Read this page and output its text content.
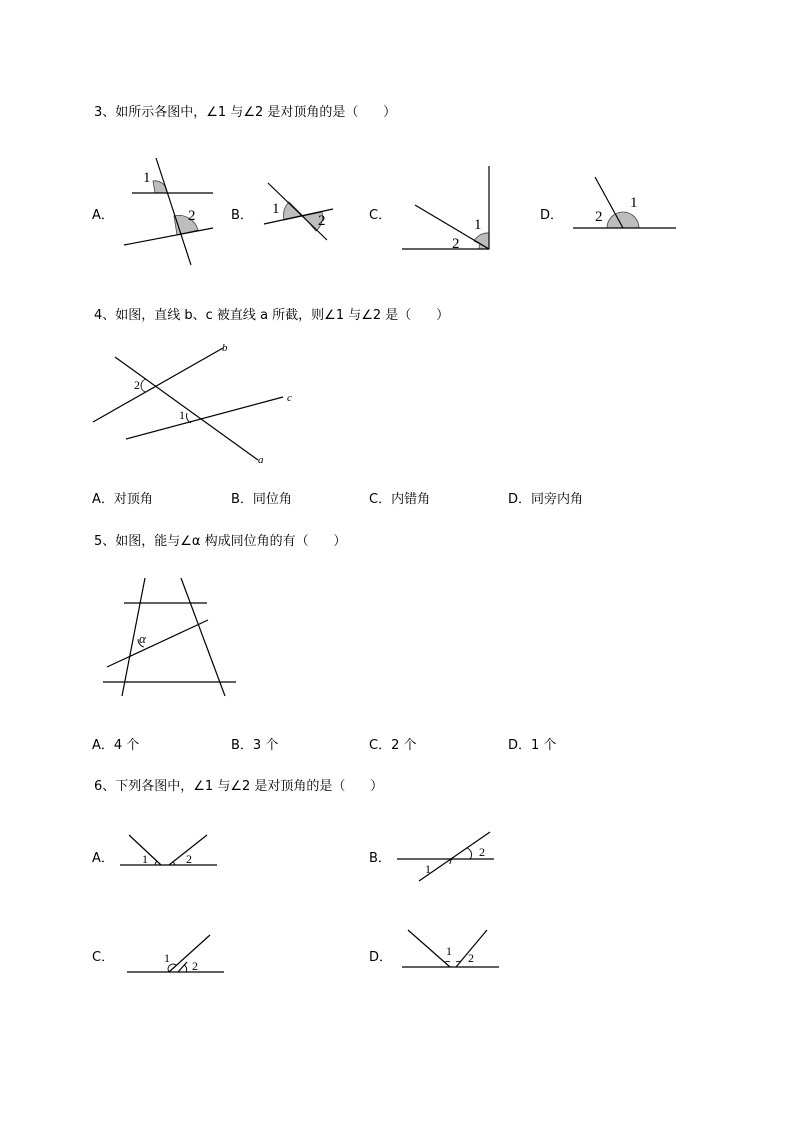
3、如所示各图中，∠1 与∠2 是对顶角的是（      ）
A．
1
2	B． 1
2	C．
1
2
D．
1
2
4、如图，直线 b、c 被直线 a 所截，则∠1 与∠2 是（      ）
b
c
a
2
1
A．对顶角	B．同位角	C．内错角	D．同旁内角
5、如图，能与∠α 构成同位角的有（      ）
α
A．4 个	B．3 个	C．2 个	D．1 个
6、下列各图中，∠1 与∠2 是对顶角的是（      ）
A． 1	2	B．	2
1
C．	1
2
D．	1 2
